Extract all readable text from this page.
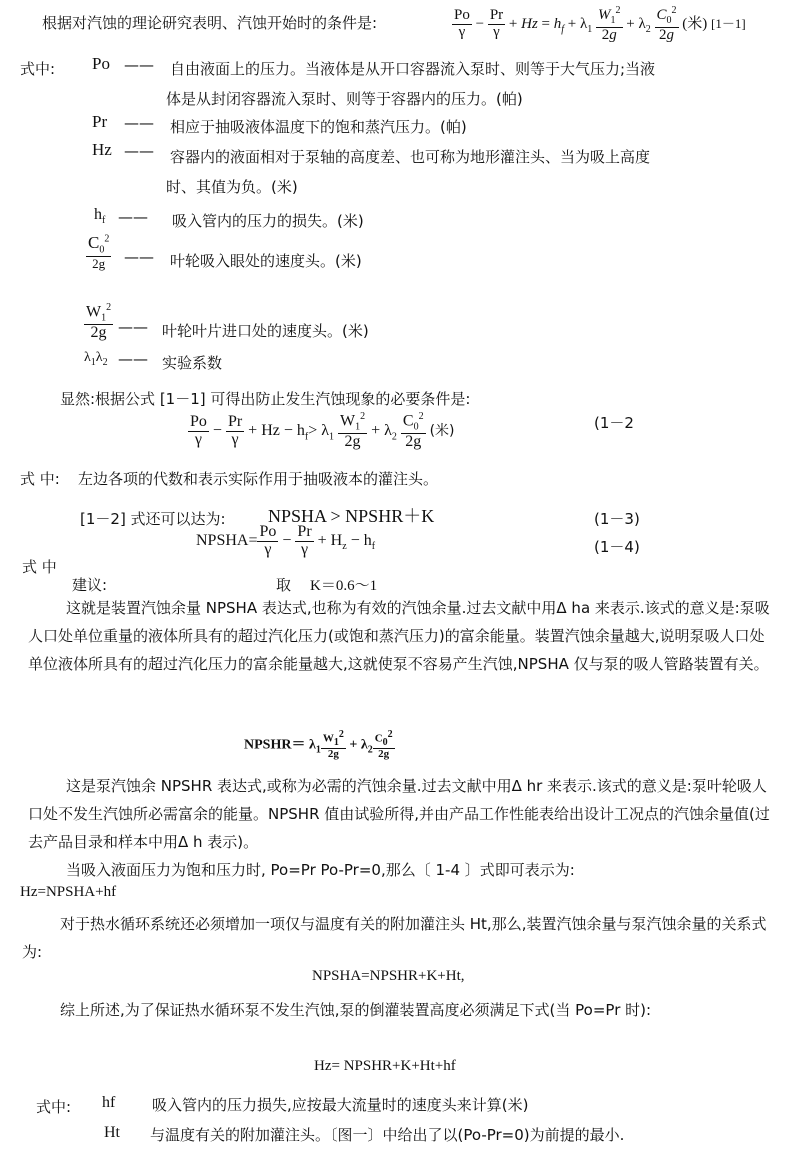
根据对汽蚀的理论研究表明、汽蚀开始时的条件是:	$\frac{Po}{\gamma} - \frac{Pr}{\gamma} + Hz = h_f + \lambda_1 \frac{W_1^2}{2g} + \lambda_2 \frac{C_0^2}{2g}$ (米) [1－1]
式中: Po —— 自由液面上的压力。当液体是从开口容器流入泵时、则等于大气压力;当液
体是从封闭容器流入泵时、则等于容器内的压力。(帕)
Pr —— 相应于抽吸液体温度下的饱和蒸汽压力。(帕)
Hz —— 容器内的液面相对于泵轴的高度差、也可称为地形灌注头、当为吸上高度
时、其值为负。(米)
$h_f$ —— 吸入管内的压力的损失。(米)
$\frac{C_0^2}{2g}$ —— 叶轮吸入眼处的速度头。(米)
$\frac{W_1^2}{2g}$ —— 叶轮叶片进口处的速度头。(米)
$\lambda_1\lambda_2$ —— 实验系数
显然:根据公式 [1－1] 可得出防止发生汽蚀现象的必要条件是:
$\frac{Po}{\gamma} - \frac{Pr}{\gamma} + Hz - h_f> \lambda_1 \frac{W_1^2}{2g} + \lambda_2 \frac{C_0^2}{2g}$ (米)	(1－2
式 中: 左边各项的代数和表示实际作用于抽吸液本的灌注头。
[1－2] 式还可以达为: NPSHA > NPSHR＋K	(1－3)
NPSHA= $\frac{Po}{\gamma} - \frac{Pr}{\gamma} + H_z - h_f$	(1－4)
式 中
建议:	取 K＝0.6～1
这就是装置汽蚀余量 NPSHA 表达式,也称为有效的汽蚀余量.过去文献中用Δ ha 来表示.该式的意义是:泵吸人口处单位重量的液体所具有的超过汽化压力(或饱和蒸汽压力)的富余能量。装置汽蚀余量越大,说明泵吸人口处单位液体所具有的超过汽化压力的富余能量越大,这就使泵不容易产生汽蚀,NPSHA 仅与泵的吸人管路装置有关。
NPSHR＝ $\lambda_1 \frac{W_1^2}{2g} + \lambda_2 \frac{C_0^2}{2g}$
这是泵汽蚀余 NPSHR 表达式,或称为必需的汽蚀余量.过去文献中用Δ hr 来表示.该式的意义是:泵叶轮吸人口处不发生汽蚀所必需富余的能量。NPSHR 值由试验所得,并由产品工作性能表给出设计工况点的汽蚀余量值(过去产品目录和样本中用Δ h 表示)。
当吸入液面压力为饱和压力时, Po=Pr Po-Pr=0,那么〔 1-4 〕式即可表示为:
Hz=NPSHA+hf
对于热水循环系统还必须增加一项仅与温度有关的附加灌注头 Ht,那么,装置汽蚀余量与泵汽蚀余量的关系式为:
NPSHA=NPSHR+K+Ht,
综上所述,为了保证热水循环泵不发生汽蚀,泵的倒灌装置高度必须满足下式(当 Po=Pr 时):
Hz= NPSHR+K+Ht+hf
式中: hf 吸入管内的压力损失,应按最大流量时的速度头来计算(米)
Ht 与温度有关的附加灌注头。〔图一〕中给出了以(Po-Pr=0)为前提的最小.
